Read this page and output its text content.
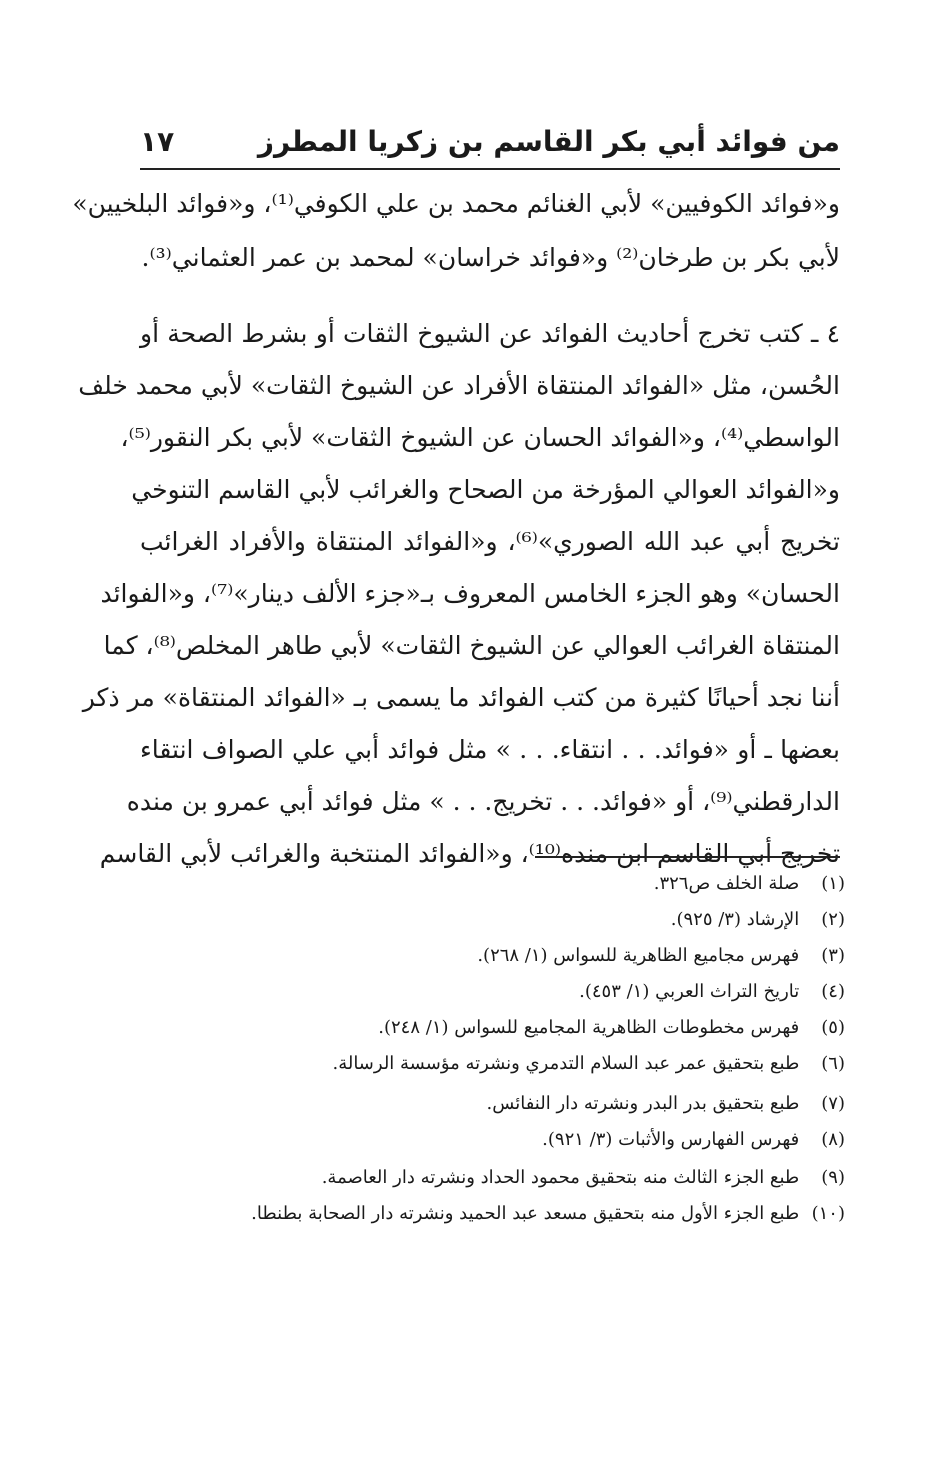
من فوائد أبي بكر القاسم بن زكريا المطرز
١٧
و«فوائد الكوفيين» لأبي الغنائم محمد بن علي الكوفي⁽¹⁾، و«فوائد البلخيين»
لأبي بكر بن طرخان⁽²⁾ و«فوائد خراسان» لمحمد بن عمر العثماني⁽³⁾.
٤ ـ كتب تخرج أحاديث الفوائد عن الشيوخ الثقات أو بشرط الصحة أو
الحُسن، مثل «الفوائد المنتقاة الأفراد عن الشيوخ الثقات» لأبي محمد خلف
الواسطي⁽⁴⁾، و«الفوائد الحسان عن الشيوخ الثقات» لأبي بكر النقور⁽⁵⁾،
و«الفوائد العوالي المؤرخة من الصحاح والغرائب لأبي القاسم التنوخي
تخريج أبي عبد الله الصوري»⁽⁶⁾، و«الفوائد المنتقاة والأفراد الغرائب
الحسان» وهو الجزء الخامس المعروف بـ«جزء الألف دينار»⁽⁷⁾، و«الفوائد
المنتقاة الغرائب العوالي عن الشيوخ الثقات» لأبي طاهر المخلص⁽⁸⁾، كما
أننا نجد أحيانًا كثيرة من كتب الفوائد ما يسمى بـ «الفوائد المنتقاة» مر ذكر
بعضها ـ أو «فوائد. . . انتقاء. . . » مثل فوائد أبي علي الصواف انتقاء
الدارقطني⁽⁹⁾، أو «فوائد. . . تخريج. . . » مثل فوائد أبي عمرو بن منده
تخريج أبي القاسم ابن منده⁽¹⁰⁾، و«الفوائد المنتخبة والغرائب لأبي القاسم
(١) صلة الخلف ص٣٢٦.
(٢) الإرشاد (٣/ ٩٢٥).
(٣) فهرس مجاميع الظاهرية للسواس (١/ ٢٦٨).
(٤) تاريخ التراث العربي (١/ ٤٥٣).
(٥) فهرس مخطوطات الظاهرية المجاميع للسواس (١/ ٢٤٨).
(٦) طبع بتحقيق عمر عبد السلام التدمري ونشرته مؤسسة الرسالة.
(٧) طبع بتحقيق بدر البدر ونشرته دار النفائس.
(٨) فهرس الفهارس والأثبات (٣/ ٩٢١).
(٩) طبع الجزء الثالث منه بتحقيق محمود الحداد ونشرته دار العاصمة.
(١٠) طبع الجزء الأول منه بتحقيق مسعد عبد الحميد ونشرته دار الصحابة بطنطا.
